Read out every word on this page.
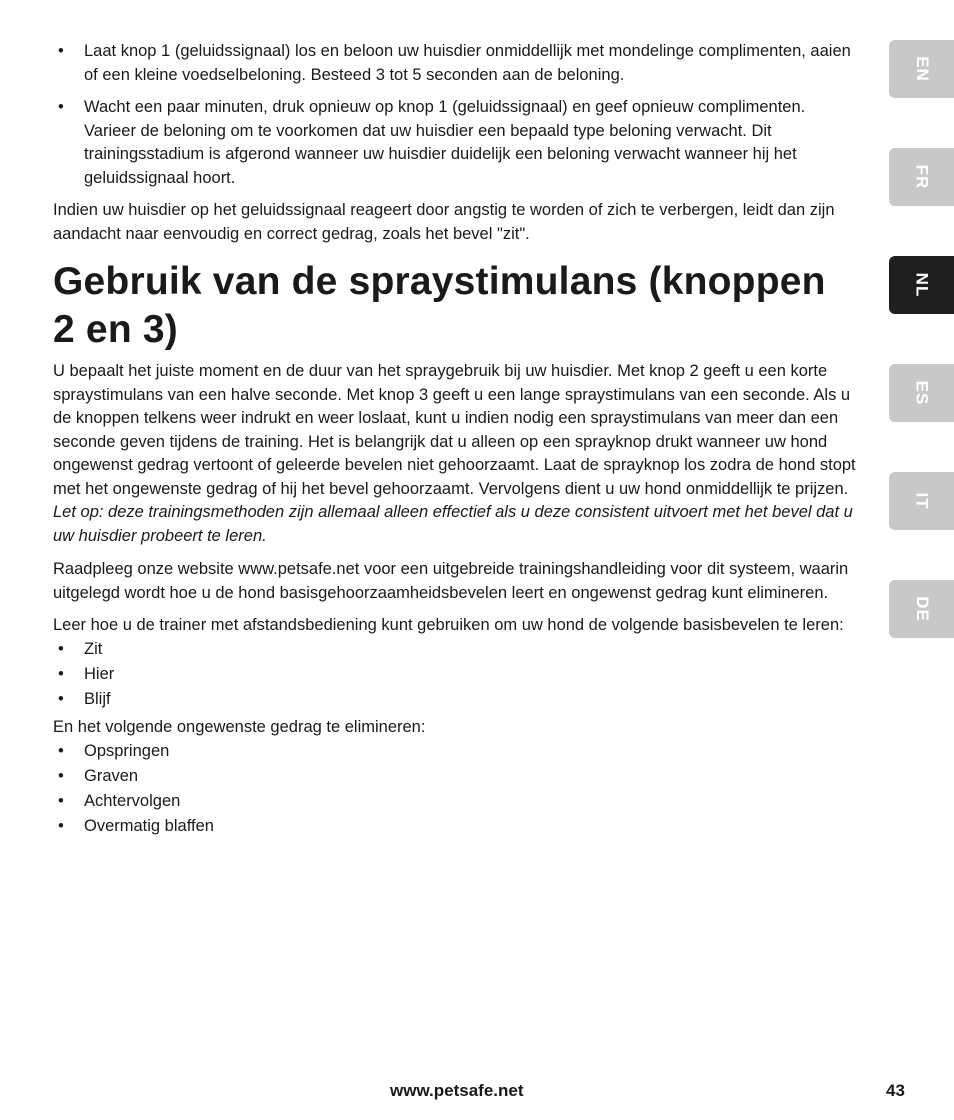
• Laat knop 1 (geluidssignaal) los en beloon uw huisdier onmiddellijk met mondelinge complimenten, aaien of een kleine voedselbeloning. Besteed 3 tot 5 seconden aan de beloning.
• Wacht een paar minuten, druk opnieuw op knop 1 (geluidssignaal) en geef opnieuw complimenten. Varieer de beloning om te voorkomen dat uw huisdier een bepaald type beloning verwacht. Dit trainingsstadium is afgerond wanneer uw huisdier duidelijk een beloning verwacht wanneer hij het geluidssignaal hoort.

Indien uw huisdier op het geluidssignaal reageert door angstig te worden of zich te verbergen, leidt dan zijn aandacht naar eenvoudig en correct gedrag, zoals het bevel "zit".

Gebruik van de spraystimulans (knoppen 2 en 3)

U bepaalt het juiste moment en de duur van het spraygebruik bij uw huisdier. Met knop 2 geeft u een korte spraystimulans van een halve seconde. Met knop 3 geeft u een lange spraystimulans van een seconde. Als u de knoppen telkens weer indrukt en weer loslaat, kunt u indien nodig een spraystimulans van meer dan een seconde geven tijdens de training. Het is belangrijk dat u alleen op een sprayknop drukt wanneer uw hond ongewenst gedrag vertoont of geleerde bevelen niet gehoorzaamt. Laat de sprayknop los zodra de hond stopt met het ongewenste gedrag of hij het bevel gehoorzaamt. Vervolgens dient u uw hond onmiddellijk te prijzen.

Let op: deze trainingsmethoden zijn allemaal alleen effectief als u deze consistent uitvoert met het bevel dat u uw huisdier probeert te leren.

Raadpleeg onze website www.petsafe.net voor een uitgebreide trainingshandleiding voor dit systeem, waarin uitgelegd wordt hoe u de hond basisgehoorzaamheidsbevelen leert en ongewenst gedrag kunt elimineren.

Leer hoe u de trainer met afstandsbediening kunt gebruiken om uw hond de volgende basisbevelen te leren:

• Zit
• Hier
• Blijf

En het volgende ongewenste gedrag te elimineren:

• Opspringen
• Graven
• Achtervolgen
• Overmatig blaffen
EN
FR
NL
ES
IT
DE
www.petsafe.net	43
